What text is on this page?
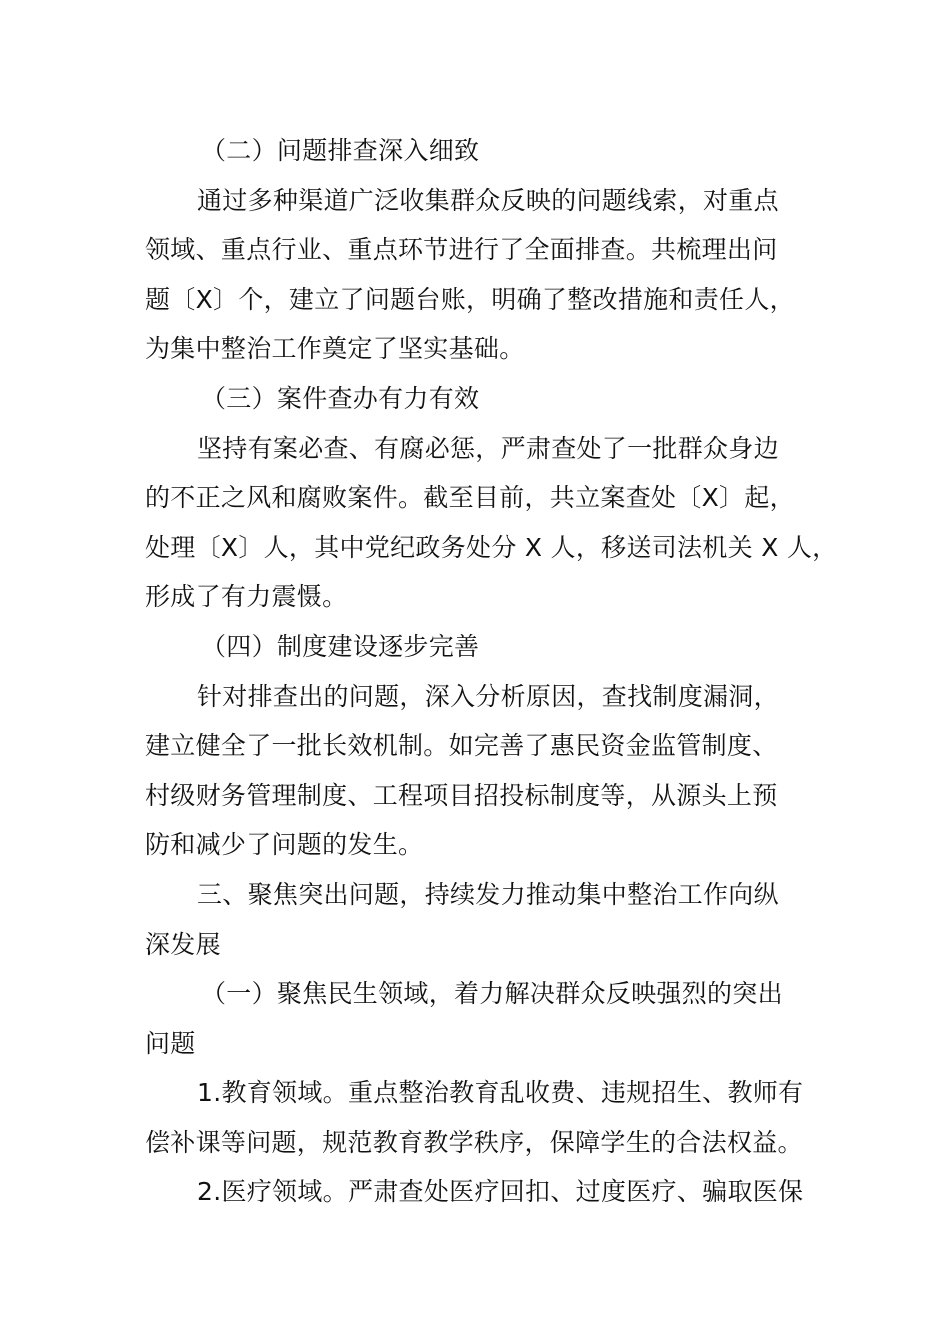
（二）问题排查深入细致
通过多种渠道广泛收集群众反映的问题线索，对重点
领域、重点行业、重点环节进行了全面排查。共梳理出问
题〔X〕个，建立了问题台账，明确了整改措施和责任人，
为集中整治工作奠定了坚实基础。
（三）案件查办有力有效
坚持有案必查、有腐必惩，严肃查处了一批群众身边
的不正之风和腐败案件。截至目前，共立案查处〔X〕起，
处理〔X〕人，其中党纪政务处分 X 人，移送司法机关 X 人，
形成了有力震慑。
（四）制度建设逐步完善
针对排查出的问题，深入分析原因，查找制度漏洞，
建立健全了一批长效机制。如完善了惠民资金监管制度、
村级财务管理制度、工程项目招投标制度等，从源头上预
防和减少了问题的发生。
三、聚焦突出问题，持续发力推动集中整治工作向纵
深发展
（一）聚焦民生领域，着力解决群众反映强烈的突出
问题
1.教育领域。重点整治教育乱收费、违规招生、教师有
偿补课等问题，规范教育教学秩序，保障学生的合法权益。
2.医疗领域。严肃查处医疗回扣、过度医疗、骗取医保
